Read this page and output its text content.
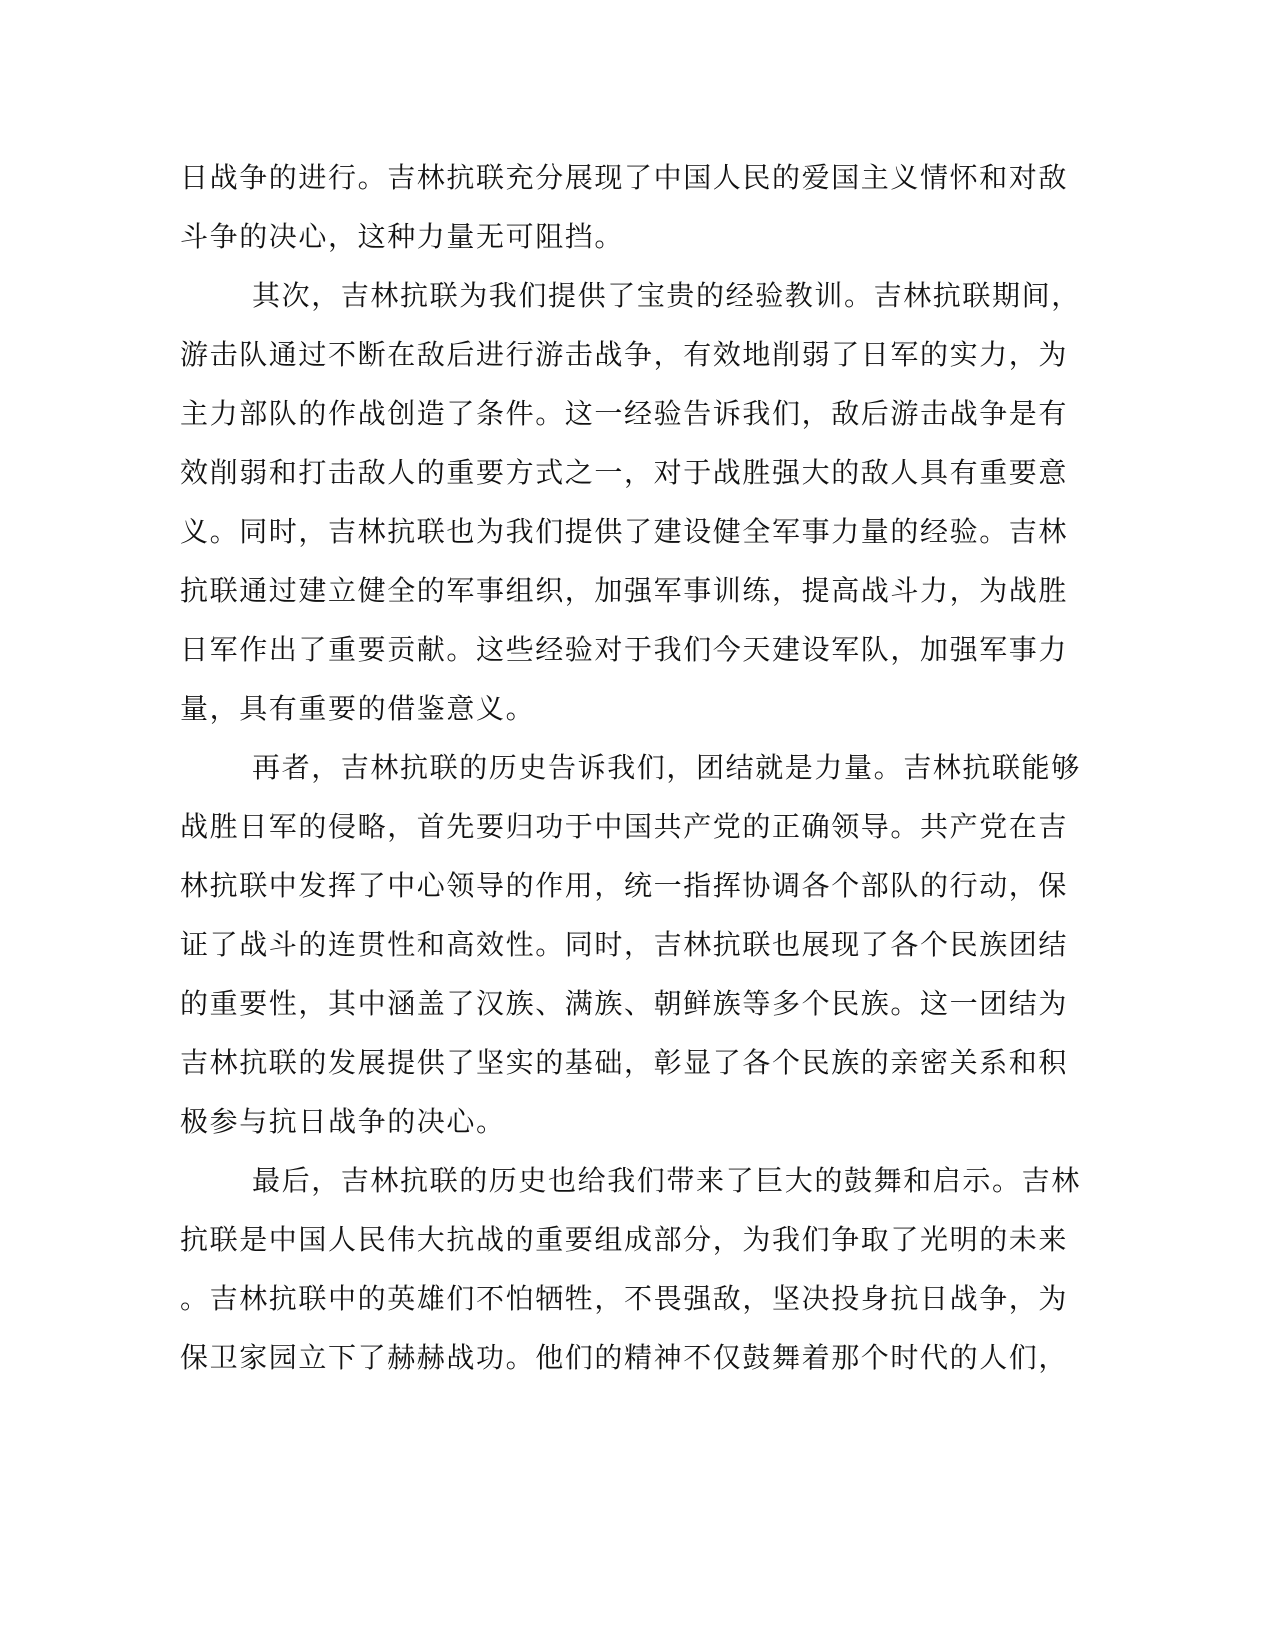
日战争的进行。吉林抗联充分展现了中国人民的爱国主义情怀和对敌
斗争的决心，这种力量无可阻挡。
其次，吉林抗联为我们提供了宝贵的经验教训。吉林抗联期间，
游击队通过不断在敌后进行游击战争，有效地削弱了日军的实力，为
主力部队的作战创造了条件。这一经验告诉我们，敌后游击战争是有
效削弱和打击敌人的重要方式之一，对于战胜强大的敌人具有重要意
义。同时，吉林抗联也为我们提供了建设健全军事力量的经验。吉林
抗联通过建立健全的军事组织，加强军事训练，提高战斗力，为战胜
日军作出了重要贡献。这些经验对于我们今天建设军队，加强军事力
量，具有重要的借鉴意义。
再者，吉林抗联的历史告诉我们，团结就是力量。吉林抗联能够
战胜日军的侵略，首先要归功于中国共产党的正确领导。共产党在吉
林抗联中发挥了中心领导的作用，统一指挥协调各个部队的行动，保
证了战斗的连贯性和高效性。同时，吉林抗联也展现了各个民族团结
的重要性，其中涵盖了汉族、满族、朝鲜族等多个民族。这一团结为
吉林抗联的发展提供了坚实的基础，彰显了各个民族的亲密关系和积
极参与抗日战争的决心。
最后，吉林抗联的历史也给我们带来了巨大的鼓舞和启示。吉林
抗联是中国人民伟大抗战的重要组成部分，为我们争取了光明的未来
。吉林抗联中的英雄们不怕牺牲，不畏强敌，坚决投身抗日战争，为
保卫家园立下了赫赫战功。他们的精神不仅鼓舞着那个时代的人们，
